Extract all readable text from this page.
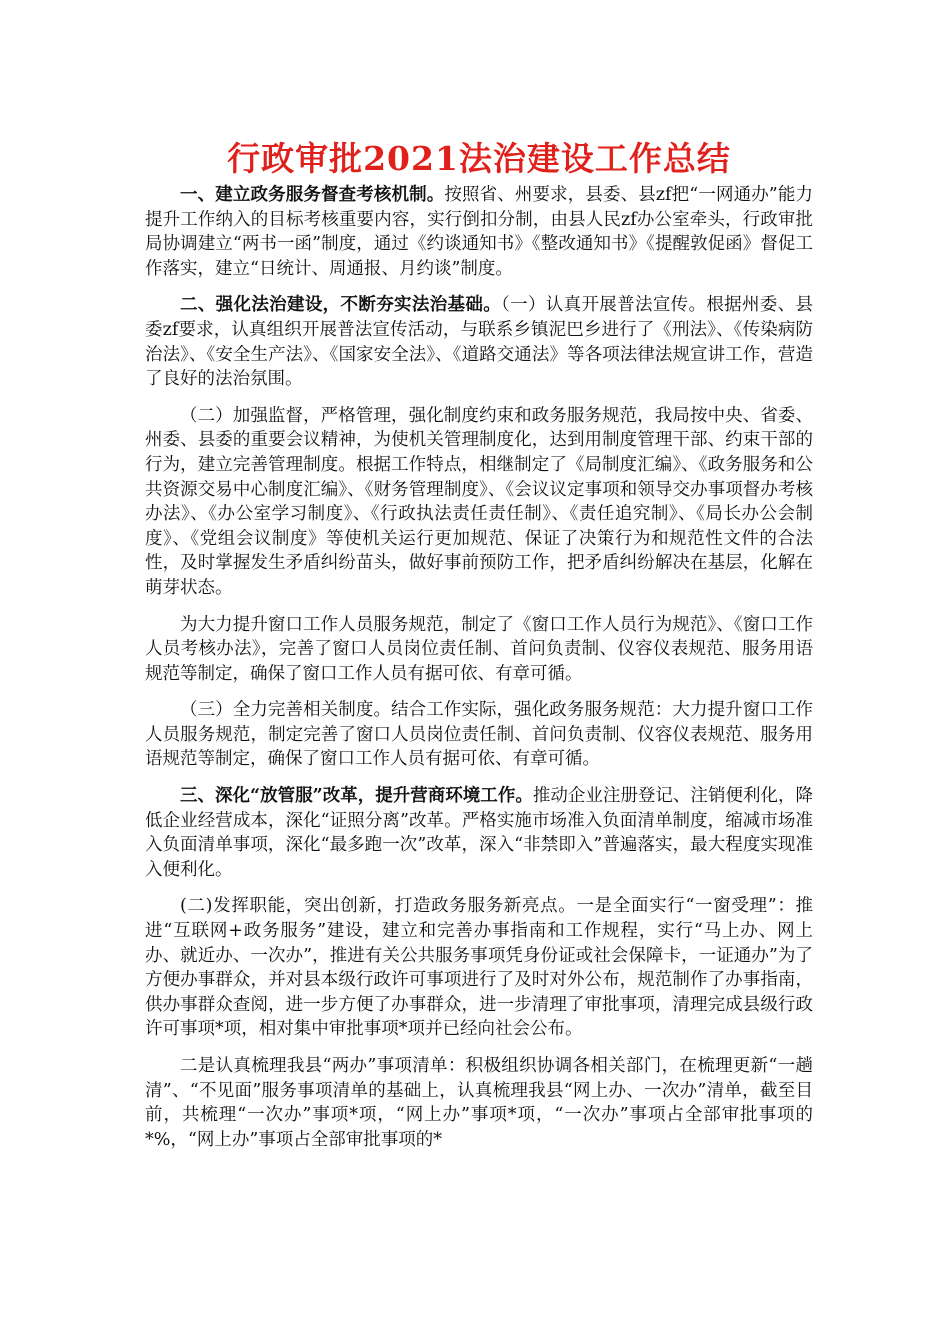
行政审批2021法治建设工作总结

一、建立政务服务督查考核机制。按照省、州要求，县委、县zf把“一网通办”能力提升工作纳入的目标考核重要内容，实行倒扣分制，由县人民zf办公室牵头，行政审批局协调建立“两书一函”制度，通过《约谈通知书》《整改通知书》《提醒敦促函》督促工作落实，建立“日统计、周通报、月约谈”制度。

二、强化法治建设，不断夯实法治基础。（一）认真开展普法宣传。根据州委、县委zf要求，认真组织开展普法宣传活动，与联系乡镇泥巴乡进行了《刑法》、《传染病防治法》、《安全生产法》、《国家安全法》、《道路交通法》等各项法律法规宣讲工作，营造了良好的法治氛围。

（二）加强监督，严格管理，强化制度约束和政务服务规范，我局按中央、省委、州委、县委的重要会议精神，为使机关管理制度化，达到用制度管理干部、约束干部的行为，建立完善管理制度。根据工作特点，相继制定了《局制度汇编》、《政务服务和公共资源交易中心制度汇编》、《财务管理制度》、《会议议定事项和领导交办事项督办考核办法》、《办公室学习制度》、《行政执法责任责任制》、《责任追究制》、《局长办公会制度》、《党组会议制度》等使机关运行更加规范、保证了决策行为和规范性文件的合法性，及时掌握发生矛盾纠纷苗头，做好事前预防工作，把矛盾纠纷解决在基层，化解在萌芽状态。

为大力提升窗口工作人员服务规范，制定了《窗口工作人员行为规范》、《窗口工作人员考核办法》，完善了窗口人员岗位责任制、首问负责制、仪容仪表规范、服务用语规范等制定，确保了窗口工作人员有据可依、有章可循。

（三）全力完善相关制度。结合工作实际，强化政务服务规范：大力提升窗口工作人员服务规范，制定完善了窗口人员岗位责任制、首问负责制、仪容仪表规范、服务用语规范等制定，确保了窗口工作人员有据可依、有章可循。

三、深化“放管服”改革，提升营商环境工作。推动企业注册登记、注销便利化，降低企业经营成本，深化“证照分离”改革。严格实施市场准入负面清单制度，缩减市场准入负面清单事项，深化“最多跑一次”改革，深入“非禁即入”普遍落实，最大程度实现准入便利化。

(二)发挥职能，突出创新，打造政务服务新亮点。一是全面实行“一窗受理”：推进“互联网+政务服务”建设，建立和完善办事指南和工作规程，实行“马上办、网上办、就近办、一次办”，推进有关公共服务事项凭身份证或社会保障卡，一证通办”为了方便办事群众，并对县本级行政许可事项进行了及时对外公布，规范制作了办事指南，供办事群众查阅，进一步方便了办事群众，进一步清理了审批事项，清理完成县级行政许可事项*项，相对集中审批事项*项并已经向社会公布。

二是认真梳理我县“两办”事项清单：积极组织协调各相关部门，在梳理更新“一趟清”、“不见面”服务事项清单的基础上，认真梳理我县“网上办、一次办”清单，截至目前，共梳理“一次办”事项*项，“网上办”事项*项，“一次办”事项占全部审批事项的*%，“网上办”事项占全部审批事项的*
